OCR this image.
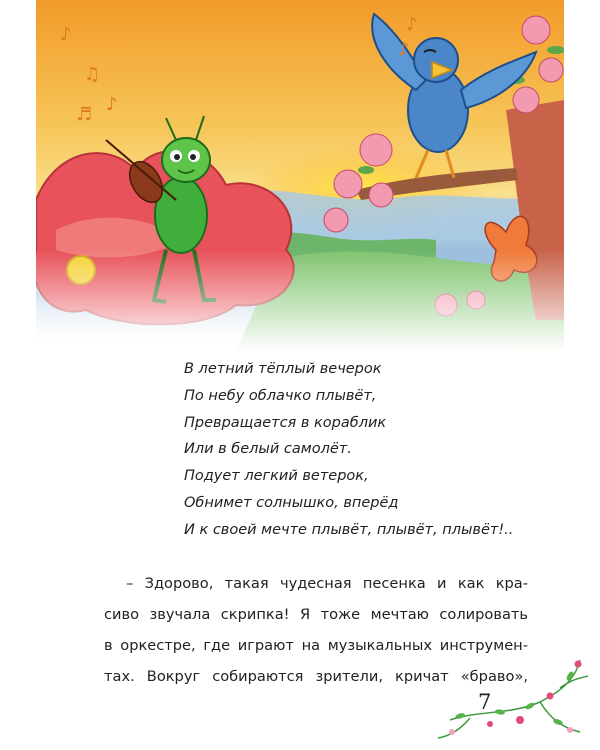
♪
♫
♪
♬
♪
♪
В летний тёплый вечерок
По небу облачко плывёт,
Превращается в кораблик
Или в белый самолёт.
Подует легкий ветерок,
Обнимет солнышко, вперёд
И к своей мечте плывёт, плывёт, плывёт!..
– Здорово, такая чудесная песенка и как кра-
сиво звучала скрипка! Я тоже мечтаю солировать
в оркестре, где играют на музыкальных инструмен-
тах. Вокруг собираются зрители, кричат «браво»,
7
